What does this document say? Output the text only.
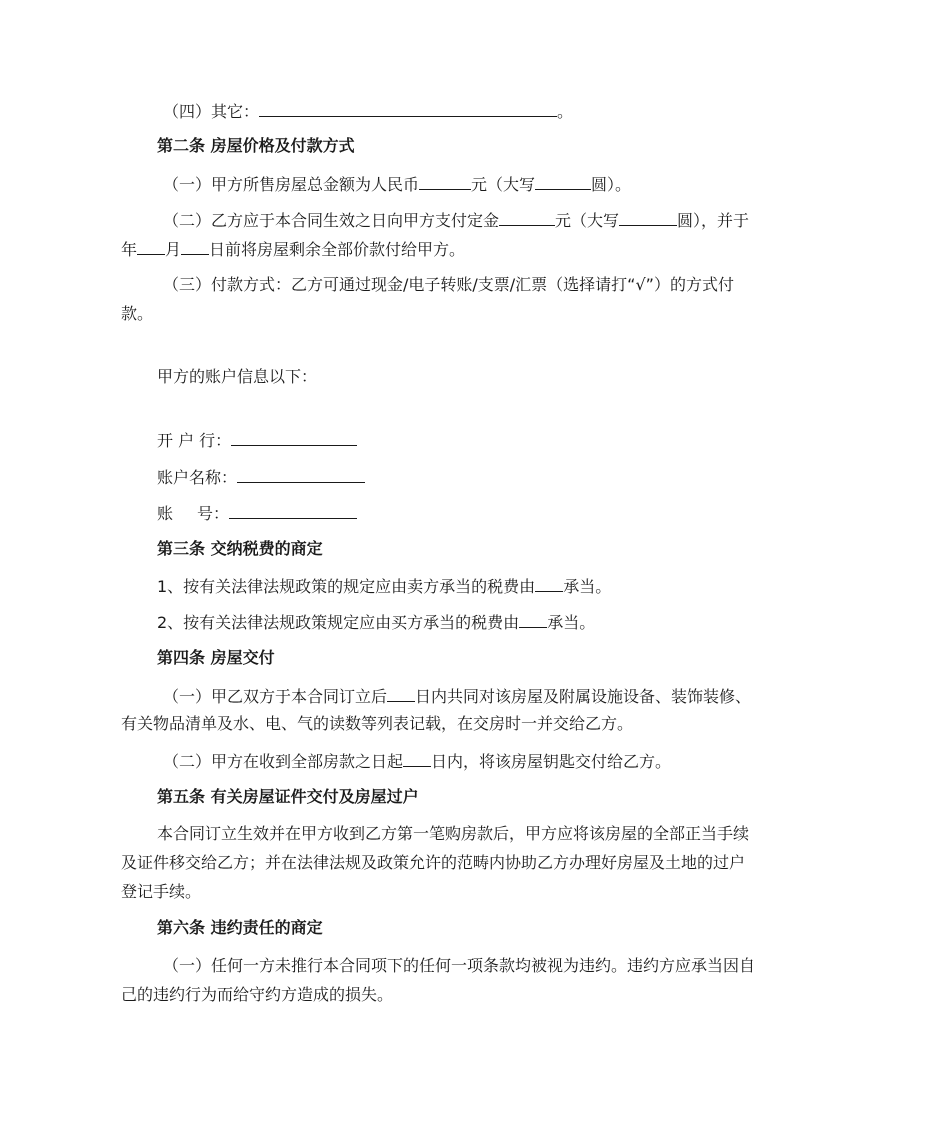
（四）其它：	。
第二条 房屋价格及付款方式
（一）甲方所售房屋总金额为人民币	元（大写	圆）。
（二）乙方应于本合同生效之日向甲方支付定金	元（大写	圆），并于
年 月 日前将房屋剩余全部价款付给甲方。
（三）付款方式：乙方可通过现金/电子转账/支票/汇票（选择请打“√”）的方式付
款。
甲方的账户信息以下：
开 户 行：
账户名称：
账 号：
第三条 交纳税费的商定
1、按有关法律法规政策的规定应由卖方承当的税费由 承当。
2、按有关法律法规政策规定应由买方承当的税费由 承当。
第四条 房屋交付
（一）甲乙双方于本合同订立后 日内共同对该房屋及附属设施设备、装饰装修、
有关物品清单及水、电、气的读数等列表记载，在交房时一并交给乙方。
（二）甲方在收到全部房款之日起 日内，将该房屋钥匙交付给乙方。
第五条 有关房屋证件交付及房屋过户
本合同订立生效并在甲方收到乙方第一笔购房款后，甲方应将该房屋的全部正当手续
及证件移交给乙方；并在法律法规及政策允许的范畴内协助乙方办理好房屋及土地的过户
登记手续。
第六条 违约责任的商定
（一）任何一方未推行本合同项下的任何一项条款均被视为违约。违约方应承当因自
己的违约行为而给守约方造成的损失。
